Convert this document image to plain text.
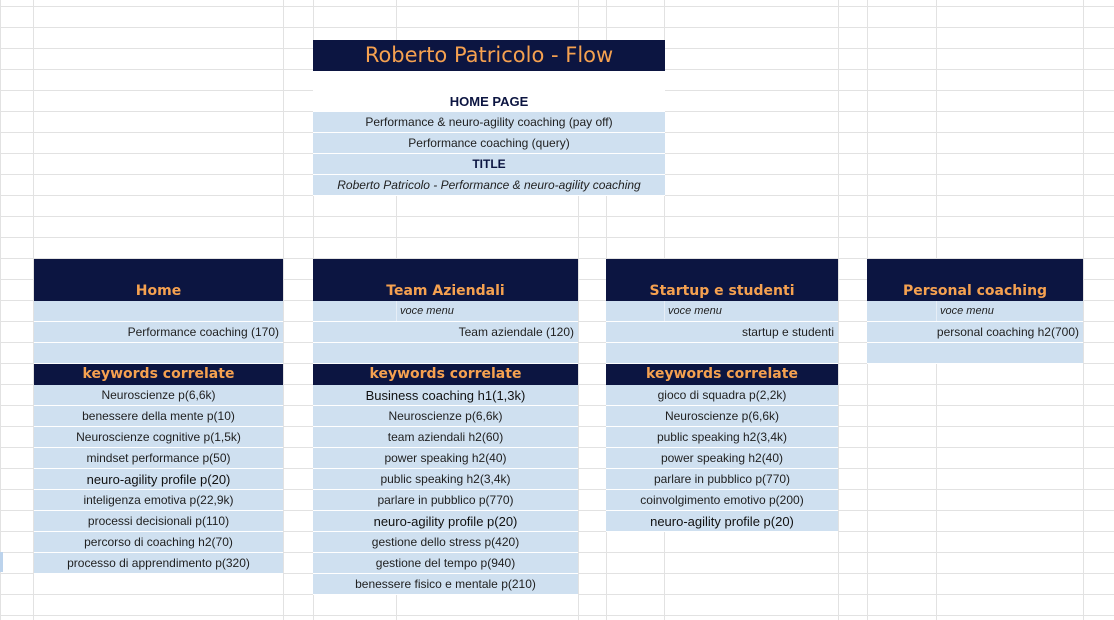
Roberto Patricolo - Flow
HOME PAGE
Performance & neuro-agility coaching (pay off)
Performance coaching (query)
TITLE
Roberto Patricolo - Performance & neuro-agility coaching
Home
Performance coaching (170)
keywords correlate
Neuroscienze p(6,6k)
benessere della mente p(10)
Neuroscienze cognitive p(1,5k)
mindset performance p(50)
neuro-agility profile p(20)
inteligenza emotiva p(22,9k)
processi decisionali p(110)
percorso di coaching h2(70)
processo di apprendimento p(320)
Team Aziendali
voce menu
Team aziendale (120)
keywords correlate
Business coaching h1(1,3k)
Neuroscienze p(6,6k)
team aziendali h2(60)
power speaking h2(40)
public speaking h2(3,4k)
parlare in pubblico p(770)
neuro-agility profile p(20)
gestione dello stress p(420)
gestione del tempo p(940)
benessere fisico e mentale p(210)
Startup e studenti
voce menu
startup e studenti
keywords correlate
gioco di squadra p(2,2k)
Neuroscienze p(6,6k)
public speaking h2(3,4k)
power speaking h2(40)
parlare in pubblico p(770)
coinvolgimento emotivo p(200)
neuro-agility profile p(20)
Personal coaching
voce menu
personal coaching h2(700)
